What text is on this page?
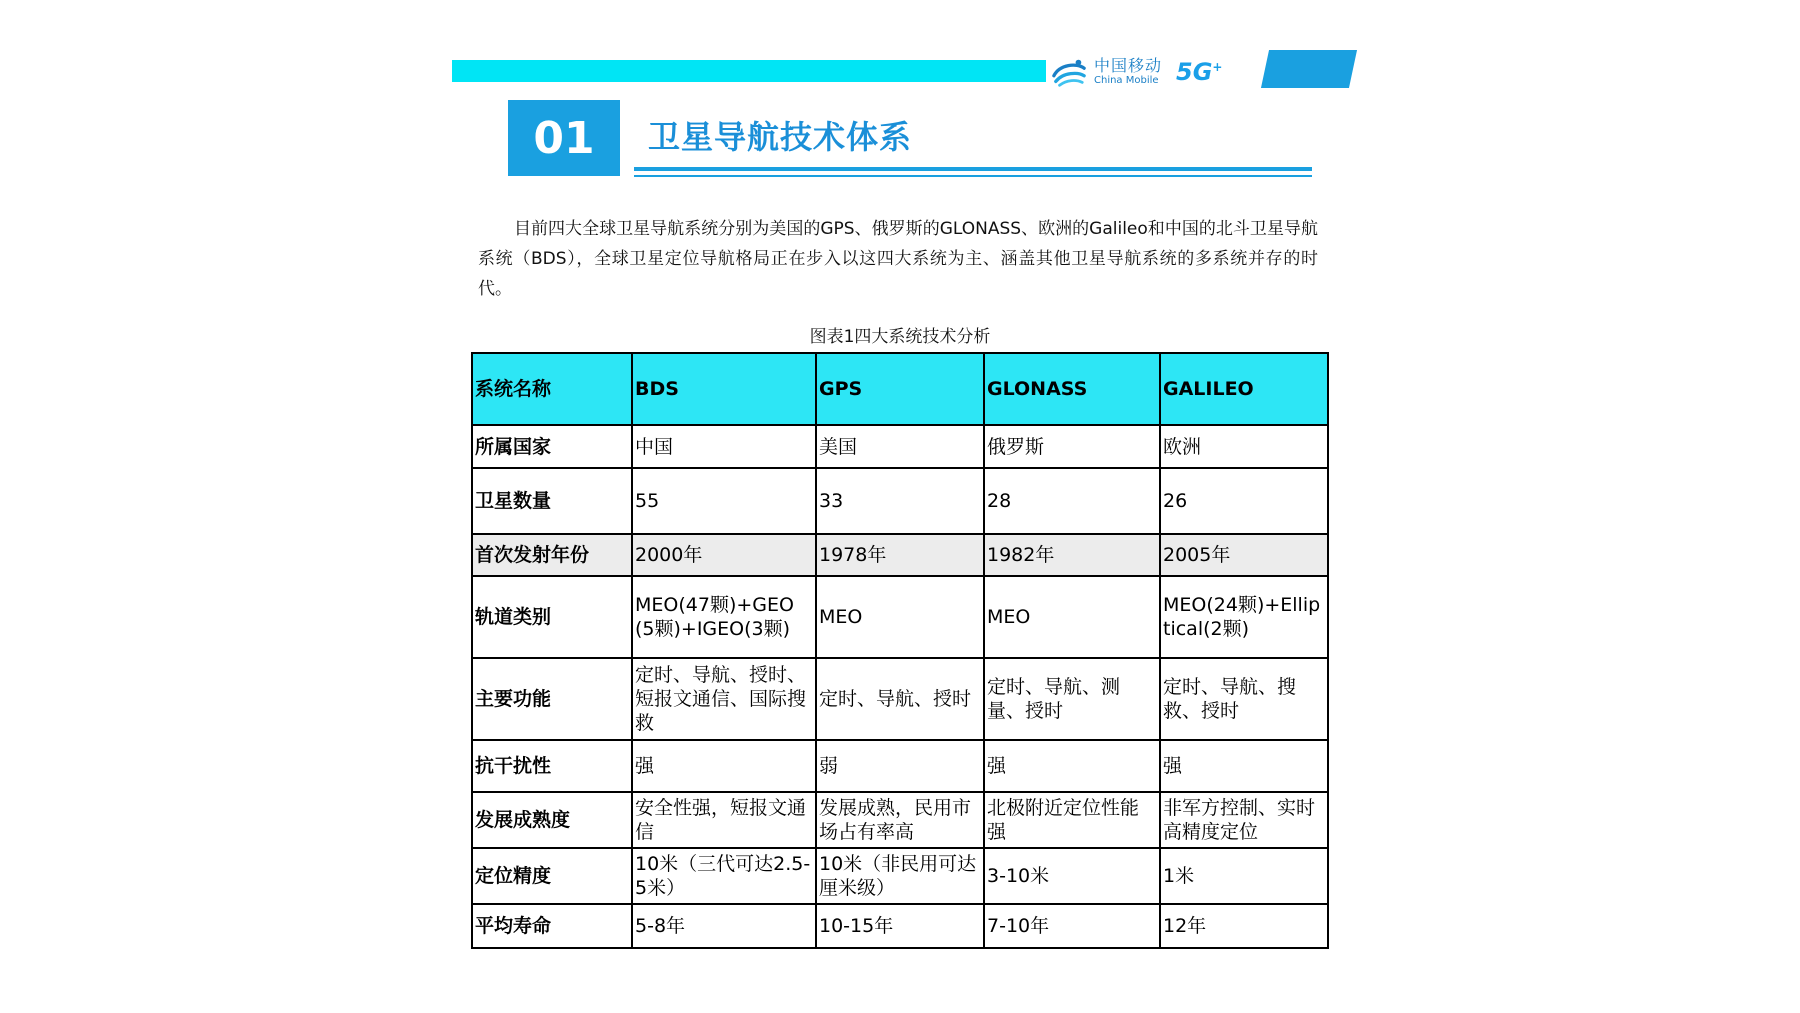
中国移动
China Mobile 5G+
01	卫星导航技术体系

目前四大全球卫星导航系统分别为美国的GPS、俄罗斯的GLONASS、欧洲的Galileo和中国的北斗卫星导航系统（BDS），全球卫星定位导航格局正在步入以这四大系统为主、涵盖其他卫星导航系统的多系统并存的时代。

图表1四大系统技术分析
系统名称	BDS	GPS	GLONASS	GALILEO
所属国家	中国	美国	俄罗斯	欧洲
卫星数量	55	33	28	26
首次发射年份	2000年	1978年	1982年	2005年
轨道类别	MEO(47颗)+GEO(5颗)+IGEO(3颗)	MEO	MEO	MEO(24颗)+Elliptical(2颗)
主要功能	定时、导航、授时、短报文通信、国际搜救	定时、导航、授时	定时、导航、测量、授时	定时、导航、搜救、授时
抗干扰性	强	弱	强	强
发展成熟度	安全性强，短报文通信	发展成熟，民用市场占有率高	北极附近定位性能强	非军方控制、实时高精度定位
定位精度	10米（三代可达2.5-5米）	10米（非民用可达厘米级）	3-10米	1米
平均寿命	5-8年	10-15年	7-10年	12年
